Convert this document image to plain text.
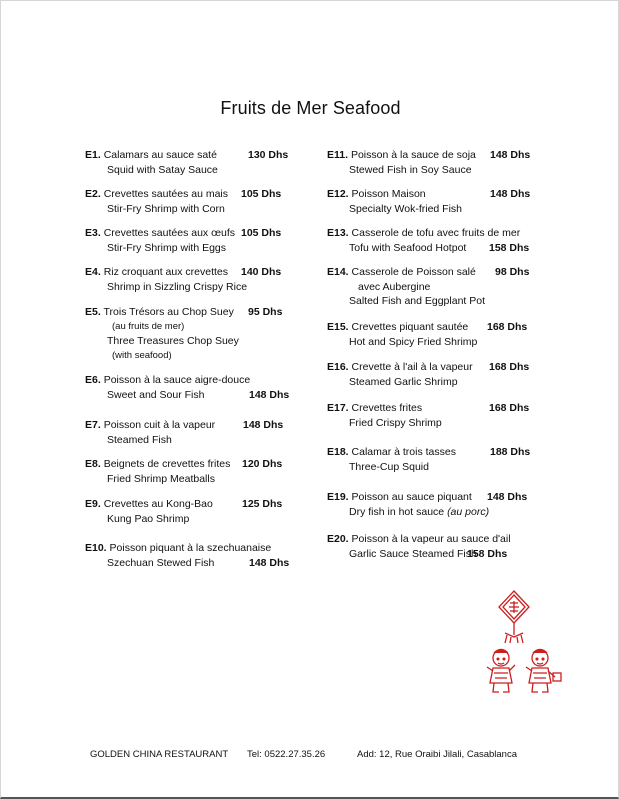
Fruits de Mer Seafood
E1. Calamars au sauce saté	130 Dhs
Squid with Satay Sauce
E2. Crevettes sautées au mais 105 Dhs
Stir-Fry Shrimp with Corn
E3. Crevettes sautées aux œufs 105 Dhs
Stir-Fry Shrimp with Eggs
E4. Riz croquant aux crevettes 140 Dhs
Shrimp in Sizzling Crispy Rice
E5. Trois Trésors au Chop Suey 95 Dhs
(au fruits de mer)
Three Treasures Chop Suey
(with seafood)
E6. Poisson à la sauce aigre-douce
Sweet and Sour Fish	148 Dhs
E7. Poisson cuit à la vapeur	148 Dhs
Steamed Fish
E8. Beignets de crevettes frites 120 Dhs
Fried Shrimp Meatballs
E9. Crevettes au Kong-Bao	125 Dhs
Kung Pao Shrimp
E10. Poisson piquant à la szechuanaise
Szechuan Stewed Fish	148 Dhs
E11. Poisson à la sauce de soja 148 Dhs
Stewed Fish in Soy Sauce
E12. Poisson Maison	148 Dhs
Specialty Wok-fried Fish
E13. Casserole de tofu avec fruits de mer
Tofu with Seafood Hotpot 158 Dhs
E14. Casserole de Poisson salé 98 Dhs
avec Aubergine
Salted Fish and Eggplant Pot
E15. Crevettes piquant sautée 168 Dhs
Hot and Spicy Fried Shrimp
E16. Crevette à l'ail à la vapeur 168 Dhs
Steamed Garlic Shrimp
E17. Crevettes frites	168 Dhs
Fried Crispy Shrimp
E18. Calamar à trois tasses	188 Dhs
Three-Cup Squid
E19. Poisson au sauce piquant 148 Dhs
Dry fish in hot sauce (au porc)
E20. Poisson à la vapeur au sauce d'ail
Garlic Sauce Steamed Fish
158 Dhs
GOLDEN CHINA RESTAURANT Tel: 0522.27.35.26	Add: 12, Rue Oraibi Jilali, Casablanca
